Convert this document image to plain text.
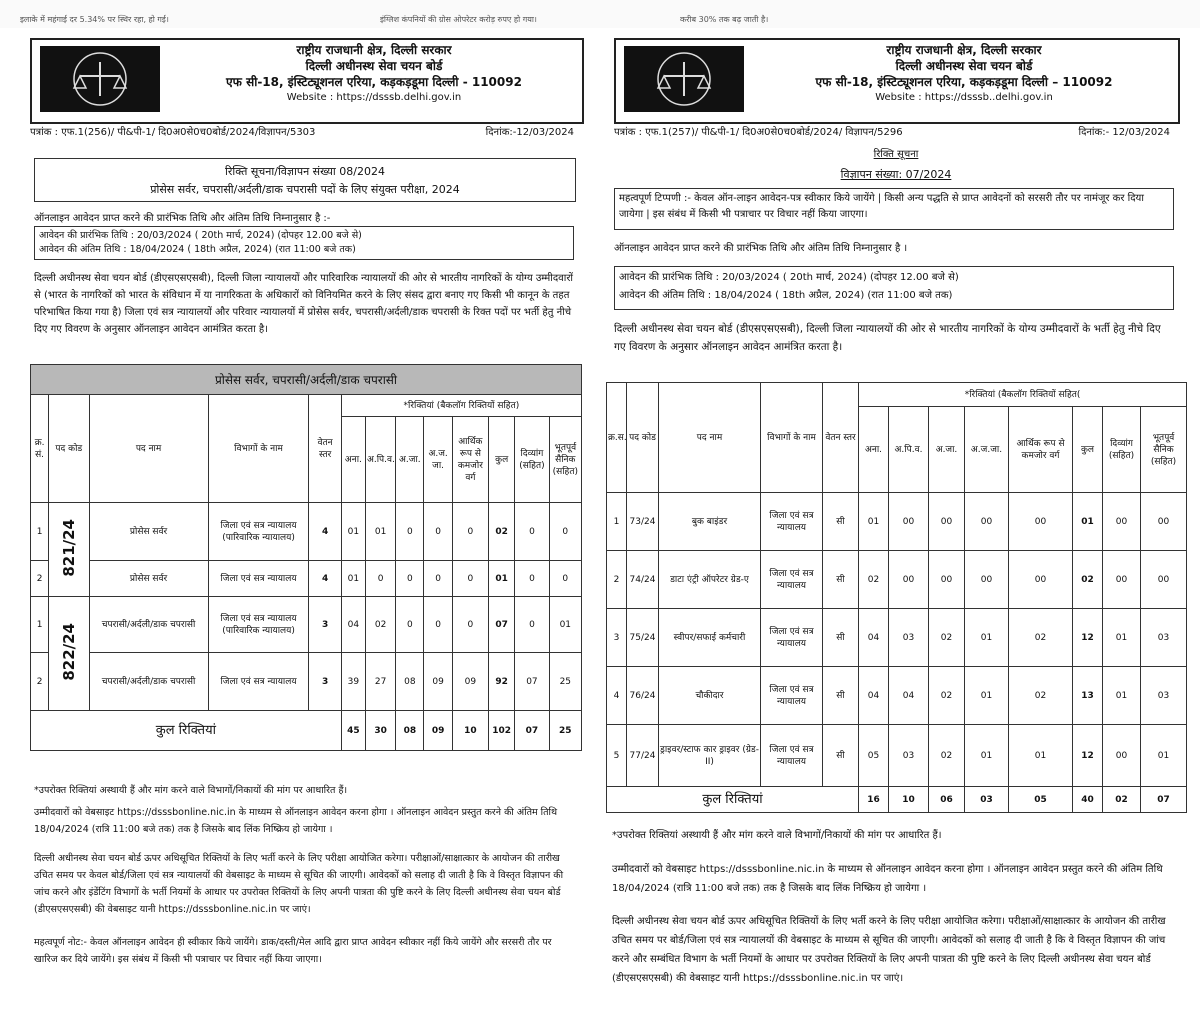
इलाके में महंगाई दर 5.34% पर स्थिर रहा, हो गई।	इंग्लिश कंपनियों की ग्रोस ओपरेटर करोड़ रुपए हो गया।	करीब 30% तक बढ़ जाती है।
राष्ट्रीय राजधानी क्षेत्र, दिल्ली सरकार
दिल्ली अधीनस्थ सेवा चयन बोर्ड
एफ सी-18, इंस्टिट्यूशनल एरिया, कड़कड़डूमा दिल्ली - 110092
Website : https://dsssb.delhi.gov.in
पत्रांक : एफ.1(256)/ पी&पी-1/ दि0अ0से0च0बोर्ड/2024/विज्ञापन/5303	दिनांक:-12/03/2024
रिक्ति सूचना/विज्ञापन संख्या 08/2024
प्रोसेस सर्वर, चपरासी/अर्दली/डाक चपरासी पदों के लिए संयुक्त परीक्षा, 2024
ऑनलाइन आवेदन प्राप्त करने की प्रारंभिक तिथि और अंतिम तिथि निम्नानुसार है :-
आवेदन की प्रारंभिक तिथि : 20/03/2024 ( 20th मार्च, 2024) (दोपहर 12.00 बजे से)
आवेदन की अंतिम तिथि : 18/04/2024 ( 18th अप्रैल, 2024) (रात 11:00 बजे तक)
दिल्ली अधीनस्थ सेवा चयन बोर्ड (डीएसएसएसबी), दिल्ली जिला न्यायालयों और पारिवारिक न्यायालयों की ओर से भारतीय नागरिकों के योग्य उम्मीदवारों से (भारत के नागरिकों को भारत के संविधान में या नागरिकता के अधिकारों को विनियमित करने के लिए संसद द्वारा बनाए गए किसी भी कानून के तहत परिभाषित किया गया है) जिला एवं सत्र न्यायालयों और परिवार न्यायालयों में प्रोसेस सर्वर, चपरासी/अर्दली/डाक चपरासी के रिक्त पदों पर भर्ती हेतु नीचे दिए गए विवरण के अनुसार ऑनलाइन आवेदन आमंत्रित करता है।
प्रोसेस सर्वर, चपरासी/अर्दली/डाक चपरासी												
क्र. सं.	पद कोड	पद नाम	विभागों के नाम	वेतन स्तर	*रिक्तियां (बैकलॉग रिक्तियों सहित)							
					अना.	अ.पि.व.	अ.जा.	अ.ज. जा.	आर्थिक रूप से कमजोर वर्ग	कुल	दिव्यांग (सहित)	भूतपूर्व सैनिक (सहित)
1	821/24	प्रोसेस सर्वर	जिला एवं सत्र न्यायालय (पारिवारिक न्यायालय)	4	01	01	0	0	0	02	0	0
2		प्रोसेस सर्वर	जिला एवं सत्र न्यायालय	4	01	0	0	0	0	01	0	0
1	822/24	चपरासी/अर्दली/डाक चपरासी	जिला एवं सत्र न्यायालय (पारिवारिक न्यायालय)	3	04	02	0	0	0	07	0	01
2		चपरासी/अर्दली/डाक चपरासी	जिला एवं सत्र न्यायालय	3	39	27	08	09	09	92	07	25
कुल रिक्तियां					45	30	08	09	10	102	07	25
*उपरोक्त रिक्तियां अस्थायी हैं और मांग करने वाले विभागों/निकायों की मांग पर आधारित हैं।
उम्मीदवारों को वेबसाइट https://dsssbonline.nic.in के माध्यम से ऑनलाइन आवेदन करना होगा । ऑनलाइन आवेदन प्रस्तुत करने की अंतिम तिथि 18/04/2024 (रात्रि 11:00 बजे तक) तक है जिसके बाद लिंक निष्क्रिय हो जायेगा ।
दिल्ली अधीनस्थ सेवा चयन बोर्ड ऊपर अधिसूचित रिक्तियों के लिए भर्ती करने के लिए परीक्षा आयोजित करेगा। परीक्षाओं/साक्षात्कार के आयोजन की तारीख उचित समय पर केवल बोर्ड/जिला एवं सत्र न्यायालयों की वेबसाइट के माध्यम से सूचित की जाएगी। आवेदकों को सलाह दी जाती है कि वे विस्तृत विज्ञापन की जांच करने और इंडेंटिंग विभागों के भर्ती नियमों के आधार पर उपरोक्त रिक्तियों के लिए अपनी पात्रता की पुष्टि करने के लिए दिल्ली अधीनस्थ सेवा चयन बोर्ड (डीएसएसएसबी) की वेबसाइट यानी https://dsssbonline.nic.in पर जाएं।
महत्वपूर्ण नोट:- केवल ऑनलाइन आवेदन ही स्वीकार किये जायेंगे। डाक/दस्ती/मेल आदि द्वारा प्राप्त आवेदन स्वीकार नहीं किये जायेंगे और सरसरी तौर पर खारिज कर दिये जायेंगे। इस संबंध में किसी भी पत्राचार पर विचार नहीं किया जाएगा।
राष्ट्रीय राजधानी क्षेत्र, दिल्ली सरकार
दिल्ली अधीनस्थ सेवा चयन बोर्ड
एफ सी-18, इंस्टिट्यूशनल एरिया, कड़कड़डूमा दिल्ली – 110092
Website : https://dsssb..delhi.gov.in
पत्रांक : एफ.1(257)/ पी&पी-1/ दि0अ0से0च0बोर्ड/2024/ विज्ञापन/5296	दिनांक:- 12/03/2024
रिक्ति सूचना
विज्ञापन संख्या: 07/2024
महत्वपूर्ण टिप्पणी :- केवल ऑन-लाइन आवेदन-पत्र स्वीकार किये जायेंगे | किसी अन्य पद्धति से प्राप्त आवेदनों को सरसरी तौर पर नामंजूर कर दिया जायेगा | इस संबंध में किसी भी पत्राचार पर विचार नहीं किया जाएगा।
ऑनलाइन आवेदन प्राप्त करने की प्रारंभिक तिथि और अंतिम तिथि निम्नानुसार है ।
आवेदन की प्रारंभिक तिथि : 20/03/2024 ( 20th मार्च, 2024) (दोपहर 12.00 बजे से)
आवेदन की अंतिम तिथि : 18/04/2024 ( 18th अप्रैल, 2024) (रात 11:00 बजे तक)
दिल्ली अधीनस्थ सेवा चयन बोर्ड (डीएसएसएसबी), दिल्ली जिला न्यायालयों की ओर से भारतीय नागरिकों के योग्य उम्मीदवारों के भर्ती हेतु नीचे दिए गए विवरण के अनुसार ऑनलाइन आवेदन आमंत्रित करता है।
क्र.स.	पद कोड	पद नाम	विभागों के नाम	वेतन स्तर	*रिक्तियां (बैकलॉग रिक्तियों सहित(							
					अना.	अ.पि.व.	अ.जा.	अ.ज.जा.	आर्थिक रूप से कमजोर वर्ग	कुल	दिव्यांग (सहित)	भूतपूर्व सैनिक (सहित)
1	73/24	बुक बाइंडर	जिला एवं सत्र न्यायालय	सी	01	00	00	00	00	01	00	00
2	74/24	डाटा एंट्री ऑपरेटर ग्रेड-ए	जिला एवं सत्र न्यायालय	सी	02	00	00	00	00	02	00	00
3	75/24	स्वीपर/सफाई कर्मचारी	जिला एवं सत्र न्यायालय	सी	04	03	02	01	02	12	01	03
4	76/24	चौकीदार	जिला एवं सत्र न्यायालय	सी	04	04	02	01	02	13	01	03
5	77/24	ड्राइवर/स्टाफ कार ड्राइवर (ग्रेड-II)	जिला एवं सत्र न्यायालय	सी	05	03	02	01	01	12	00	01
कुल रिक्तियां					16	10	06	03	05	40	02	07
*उपरोक्त रिक्तियां अस्थायी हैं और मांग करने वाले विभागों/निकायों की मांग पर आधारित हैं।
उम्मीदवारों को वेबसाइट https://dsssbonline.nic.in के माध्यम से ऑनलाइन आवेदन करना होगा । ऑनलाइन आवेदन प्रस्तुत करने की अंतिम तिथि 18/04/2024 (रात्रि 11:00 बजे तक) तक है जिसके बाद लिंक निष्क्रिय हो जायेगा ।
दिल्ली अधीनस्थ सेवा चयन बोर्ड ऊपर अधिसूचित रिक्तियों के लिए भर्ती करने के लिए परीक्षा आयोजित करेगा। परीक्षाओं/साक्षात्कार के आयोजन की तारीख उचित समय पर बोर्ड/जिला एवं सत्र न्यायालयों की वेबसाइट के माध्यम से सूचित की जाएगी। आवेदकों को सलाह दी जाती है कि वे विस्तृत विज्ञापन की जांच करने और सम्बंधित विभाग के भर्ती नियमों के आधार पर उपरोक्त रिक्तियों के लिए अपनी पात्रता की पुष्टि करने के लिए दिल्ली अधीनस्थ सेवा चयन बोर्ड (डीएसएसएसबी) की वेबसाइट यानी https://dsssbonline.nic.in पर जाएं।
